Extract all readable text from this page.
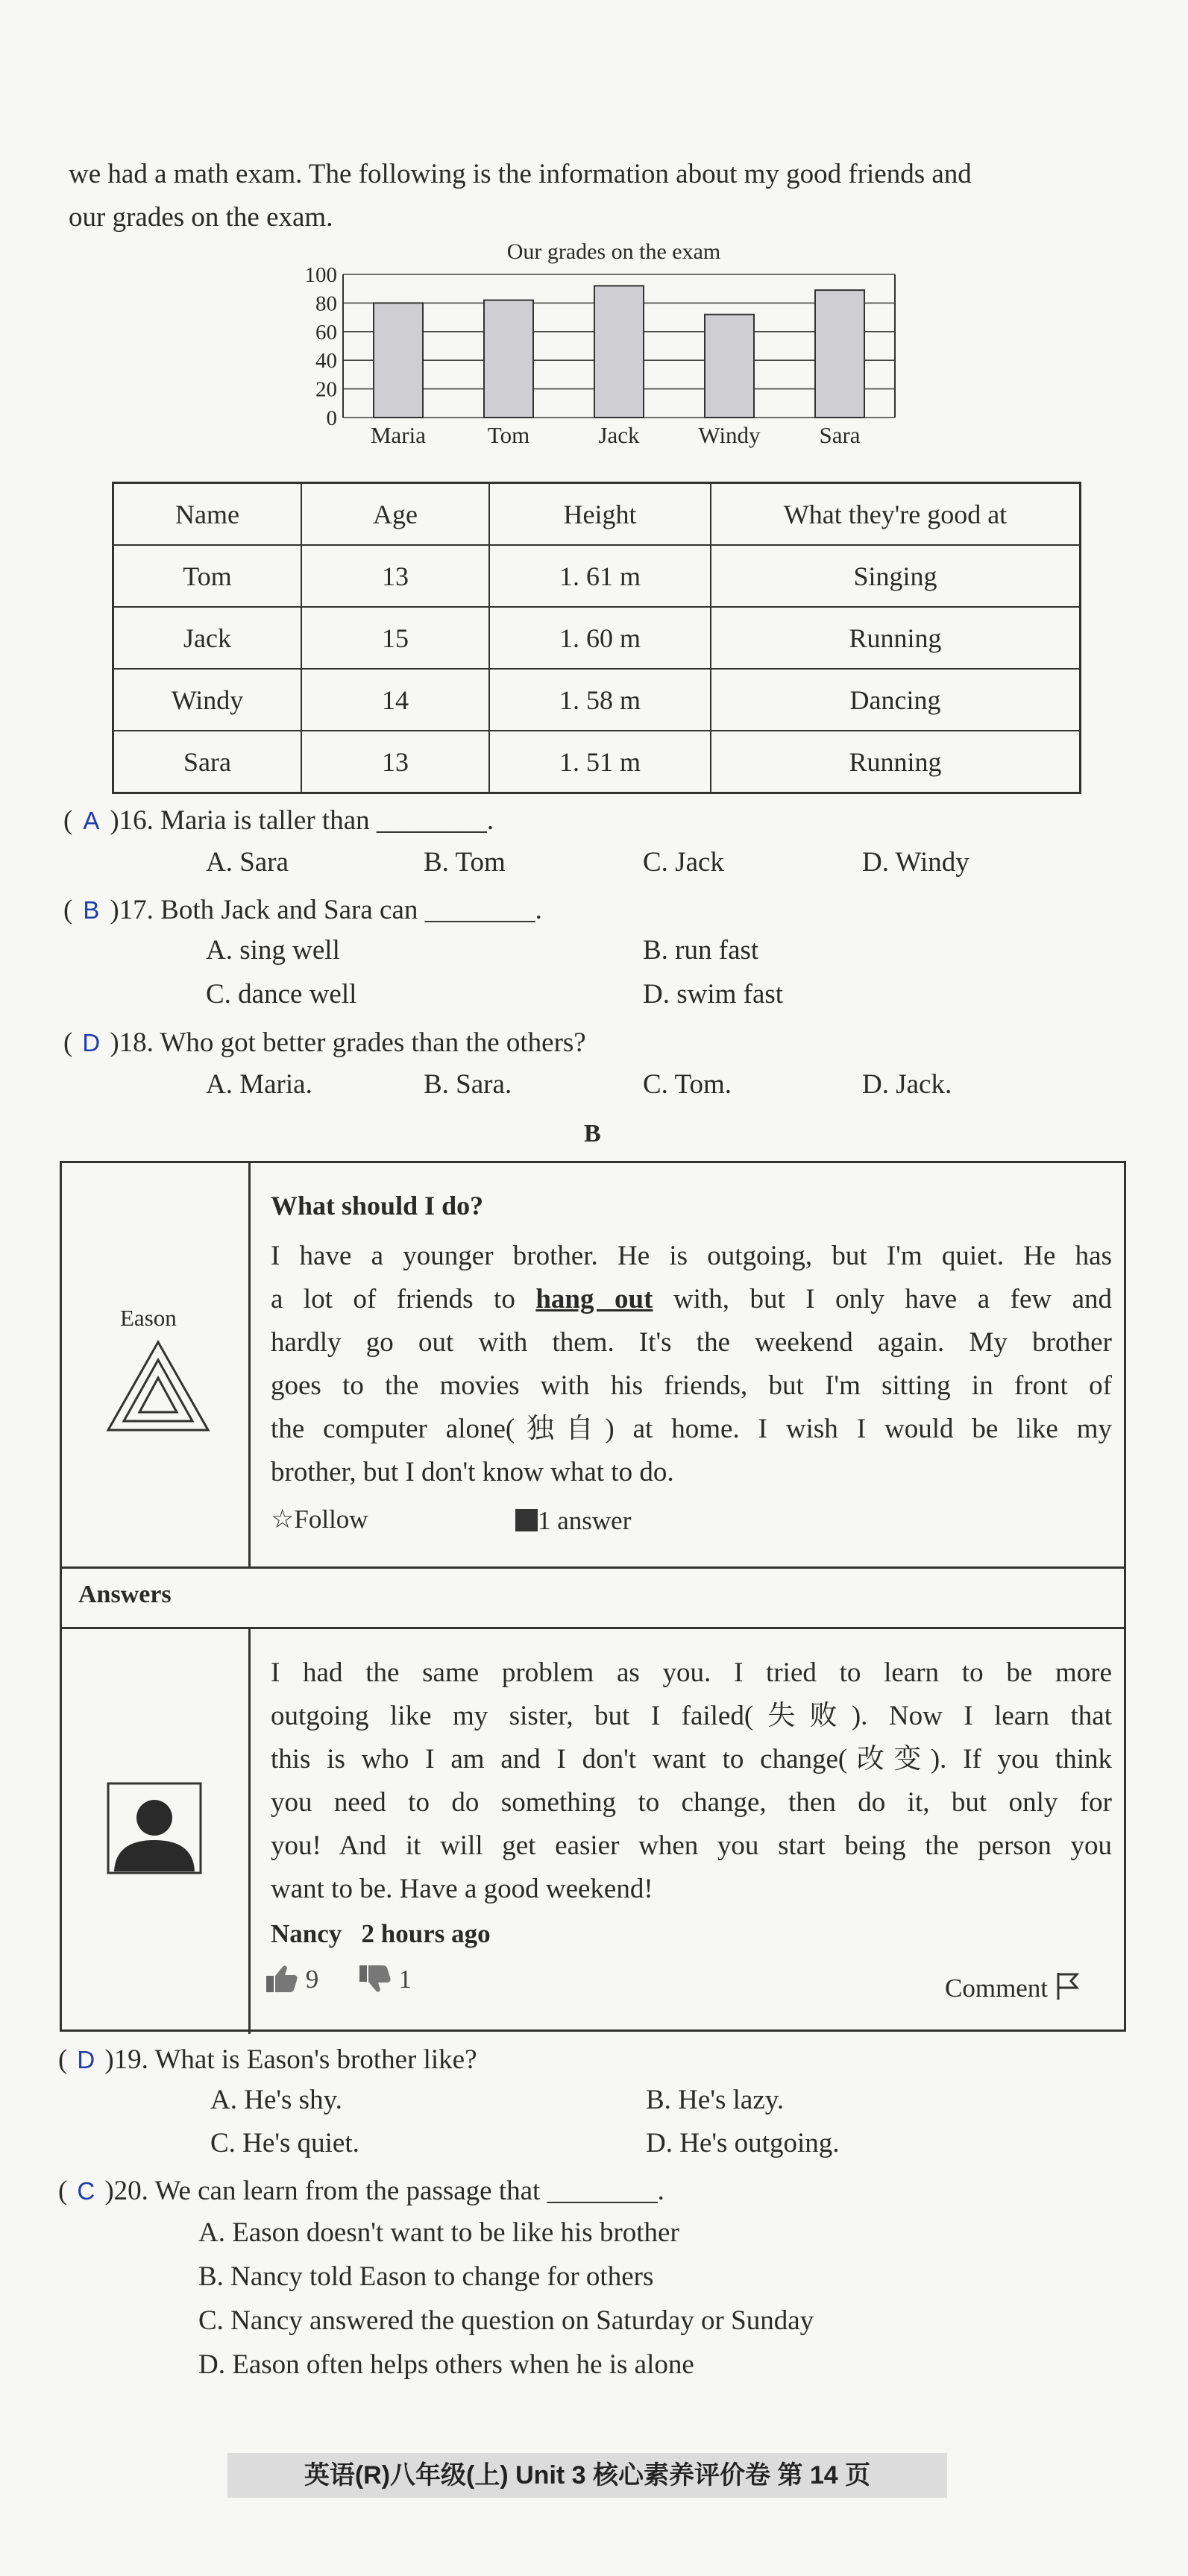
we had a math exam. The following is the information about my good friends and
our grades on the exam.
Our grades on the exam
100
80
60
40
20
0
Maria	Tom	Jack	Windy	Sara
Name	Age	Height	What they're good at
Tom	13	1. 61 m	Singing
Jack	15	1. 60 m	Running
Windy	14	1. 58 m	Dancing
Sara	13	1. 51 m	Running
( A )16. Maria is taller than ________.
A. Sara	B. Tom	C. Jack	D. Windy
( B )17. Both Jack and Sara can ________.
A. sing well	B. run fast
C. dance well	D. swim fast
( D )18. Who got better grades than the others?
A. Maria.	B. Sara.	C. Tom.	D. Jack.
B
Eason
What should I do?
I have a younger brother. He is outgoing, but I'm quiet. He has
a lot of friends to hang out with, but I only have a few and
hardly go out with them. It's the weekend again. My brother
goes to the movies with his friends, but I'm sitting in front of
the computer alone(独自) at home. I wish I would be like my
brother, but I don't know what to do.
☆Follow	1 answer
Answers
I had the same problem as you. I tried to learn to be more
outgoing like my sister, but I failed(失败). Now I learn that
this is who I am and I don't want to change(改变). If you think
you need to do something to change, then do it, but only for
you! And it will get easier when you start being the person you
want to be. Have a good weekend!
Nancy 2 hours ago
9	1	Comment
( D )19. What is Eason's brother like?
A. He's shy.	B. He's lazy.
C. He's quiet.	D. He's outgoing.
( C )20. We can learn from the passage that ________.
A. Eason doesn't want to be like his brother
B. Nancy told Eason to change for others
C. Nancy answered the question on Saturday or Sunday
D. Eason often helps others when he is alone
英语(R)八年级(上) Unit 3 核心素养评价卷 第 14 页
